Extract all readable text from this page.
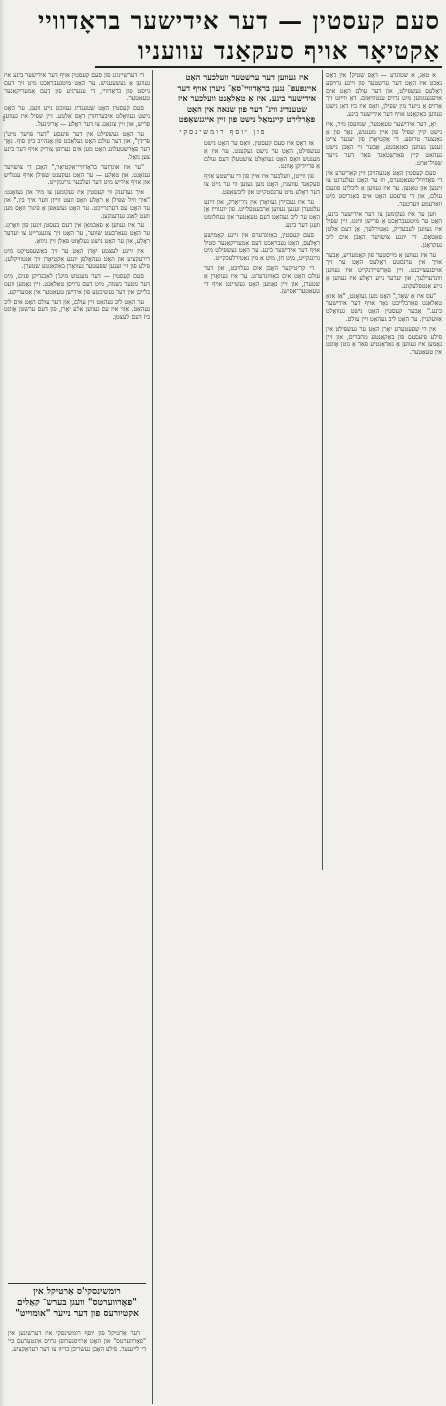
1
סעם קעסטין — דער אידישער בראָדוויי
אַקטיאָר אויף סעקאַנד עוועניו
איז געווען דער ערשטער וועלכער האָט איינפּעפּ־ נגען בראָדוויי־סאַ־ ניערן אויף דער אידישער בינע. איז אַ טאַלאַנט וועלכער איז שטענדיג ווינ־ דער פון שנאה אין האָט פאַרלירט קיינמאָל נישט פון זיין אייגנשאַפט
פון יוסף רומשינסקי

א טאַג, א שטונדע — דאָס שטיק! אין דאָס נאַכט איז האָט דער ערשטער פון זיינע גרויסע ראָלעס געשפּילט, און דער עולם האָט אים אויפגענומען מיט גרויס ענטוזיאַזם. דאָ ווײַזט זיך אַרויס אַ נייער מין שפּילן, וואָס איז ביז דאַן נישט געווען באַקאַנט אויף דער אידישער בינע.

יאָ, דער אידישער טעאַטער, שמועסן מיר, איז נישט קיין שפּיל פון איין מענטש, נאָר פון אַ גאַנצער טרופּע. די אַקטיאָרן פון יענער צייט זענען געווען באַגאַבטע, אָבער זיי האָבן נישט געהאַט קיין פאַרשטאַנד פאַר דער נייער שפּיל־אַרט.

סעם קעסטין האָט אָנגעהויבן זיין קאַריערע אין די פאָדוויל־טעאַטערס, וווּ ער האָט געלערנט צו זינגען און טאַנצן. ער איז געווען אַ ליבלינג פונעם עולם, און די פרעסע האָט אים באַגריסט מיט ווארעמע ווערטער.

ווען ער איז געקומען צו דער אידישער בינע, האָט ער מיטגעבראַכט אַ פרישן ווינט. זיין שפּיל איז געווען לעבעדיק, נאַטירלעך, אָן דעם אַלטן פּאַטאָס. די יונגע צושויער האָבן אים ליב געקראָגן.

ער איז געווען אַ מייסטער פון קאָמעדיע, אָבער אויך אין ערנסטע ראָלעס האָט ער זיך אויסגעצייכנט. זיין פאַרשיידנקייט איז געווען ווונדערלעך, און יעדער נייע ראָלע איז געווען אַ נייע אַנטפּלעקונג.

"עס איז אַ שאָד," האָט מען געזאָגט, "אַז אַזאַ טאַלאַנט פאַרבלייבט נאָר אויף דער אידישער בינע." אָבער קעסטין האָט נישט געוואָלט אַוועקגיין. ער האָט ליב געהאַט זיין עולם.

אין די שפּעטערע יאָרן האָט ער געשפּילט אין פילע פּיעסעס פון באַקאַנטע מחברים, און זיין נאָמען איז געווען אַ גאַראַנטיע פאַר אַ גוטן אָוונט אין טעאַטער.

אַז דאָס איז סעם קעסטין. וואָס ער האָט נישט געשפּילט, האָט ער נישט געקענט. ער איז אַ מענטש וואָס האָט געוואָלט צושטעלן דעם עולם אַ פריידיקן אָוונט.

פון ווייטן, וועלכער איז איין פון די ערשטע אויף סעקאַנד עוועניו, האָט מען געזען ווי ער גייט צו דער ראָלע מיט ערנסטקייט און ליבשאַפט.

ער איז געבוירן געוואָרן אין ניו־יאָרק, און זיינע עלטערן זענען געווען אַרבעטסלייט. פון יונגווייז אָן האָט ער ליב געהאַט דעם טעאַטער און געחלומט וועגן דער בינע.

סעם קעסטין, באַזונדערס אין זיינע קאָמישע ראָלעס, האָט געבראַכט דעם אַמעריקאַנער סטיל אויף דער אידישער בינע. ער האָט געשפּילט מיט גרינגקייט, מיט חן, מיט אַ מין נאַטירלעכקייט.

די קריטיקער האָבן אים געלויבט, און דער עולם האָט אים באַוווּנדערט. ער איז געוואָרן אַ שטערן, און זיין נאָמען האָט געשיינט אויף די טעאַטער־אַפישן.

די דערשיינונג פון סעם קעסטין אויף דער אידישער בינע איז געווען אַ געשעעניש. ער האָט מיטגעבראַכט מיט זיך דעם גייסט פון בראָדוויי, די ענערגיע פון דעם אַמעריקאַנער טעאַטער.

סעם קעסטין האָט שטענדיג געזוכט נייע וועגן. ער האָט נישט געוואָלט איבערחזרן דאָס אַלטע. זיין שפּיל איז געווען פריש, און זיין צוגאַנג צו דער ראָלע — אָריגינעל.

ער האָט געשפּילט אין דער פּיעסע "דער פּויער מיט'ן פרידן", און דער עולם האָט געלאַכט פון אָנהייב ביזן סוף. נאָך דער פאָרשטעלונג האָט מען אים גערופן צוריק אויף דער בינע צען מאָל.

"ער איז אונדזער בראָדוויי־אַקטיאָר," האָבן די צושויער געזאָגט. און טאַקע — ער האָט געקענט שפּילן אויף ענגליש און אויף אידיש מיט דער זעלבער גרינגקייט.

איך געדענק ווי קעסטין איז געקומען צו מיר און געזאָגט: "איך וויל שפּילן אַ ראָלע וואָס וועט ווייזן ווער איך בין." און ער האָט עס דערגרייכט. ער האָט געשאַפן אַ פיגור וואָס מען וועט לאַנג געדענקען.

ער איז געווען אַ פאַכמאַן אין דעם בעסטן זינען פון וואָרט. ער האָט געאַרבעט שווער, ער האָט זיך צוגעגרייט צו יעדער ראָלע, און ער האָט נישט געלאָזט פאַלן זיין ניוואָ.

אין זיינע לעצטע יאָרן האָט ער זיך באַשעפטיקט מיט דירעקציע און האָט געהאָלפן יונגע אַקטיאָרן זיך אַנטוויקלען. פילע פון זיי זענען שפּעטער געוואָרן באַקאַנטע שטערן.

סעם קעסטין — דער מענטש מיט'ן לאַכנדיקן פּנים, מיט דער גוטער נשמה, מיט דעם גרויסן טאַלאַנט. זיין נאָמען וועט בלייבן אין דער געשיכטע פון אידישן טעאַטער אין אַמעריקע.

ער האָט ליב געהאַט זיין עולם, און דער עולם האָט אים ליב געהאַט. אַזוי איז עס געווען אַלע יאָרן, פון דעם ערשטן אָוונט ביז דעם לעצטן.

רומשינסקי'ס אַרטיקל אין "פאָרווערטס" וועגן בערש־ קאַלים אקטיורעס פון דער נייער "אומוייט"

דער אַרטיקל פון יוסף רומשינסקי איז דערשינען אין "פאָרווערטס" און האָט אַרויסגערופן גרויס אינטערעס ביי די לייענער. פילע האָבן געשריבן בריוו צו דער רעדאַקציע.
